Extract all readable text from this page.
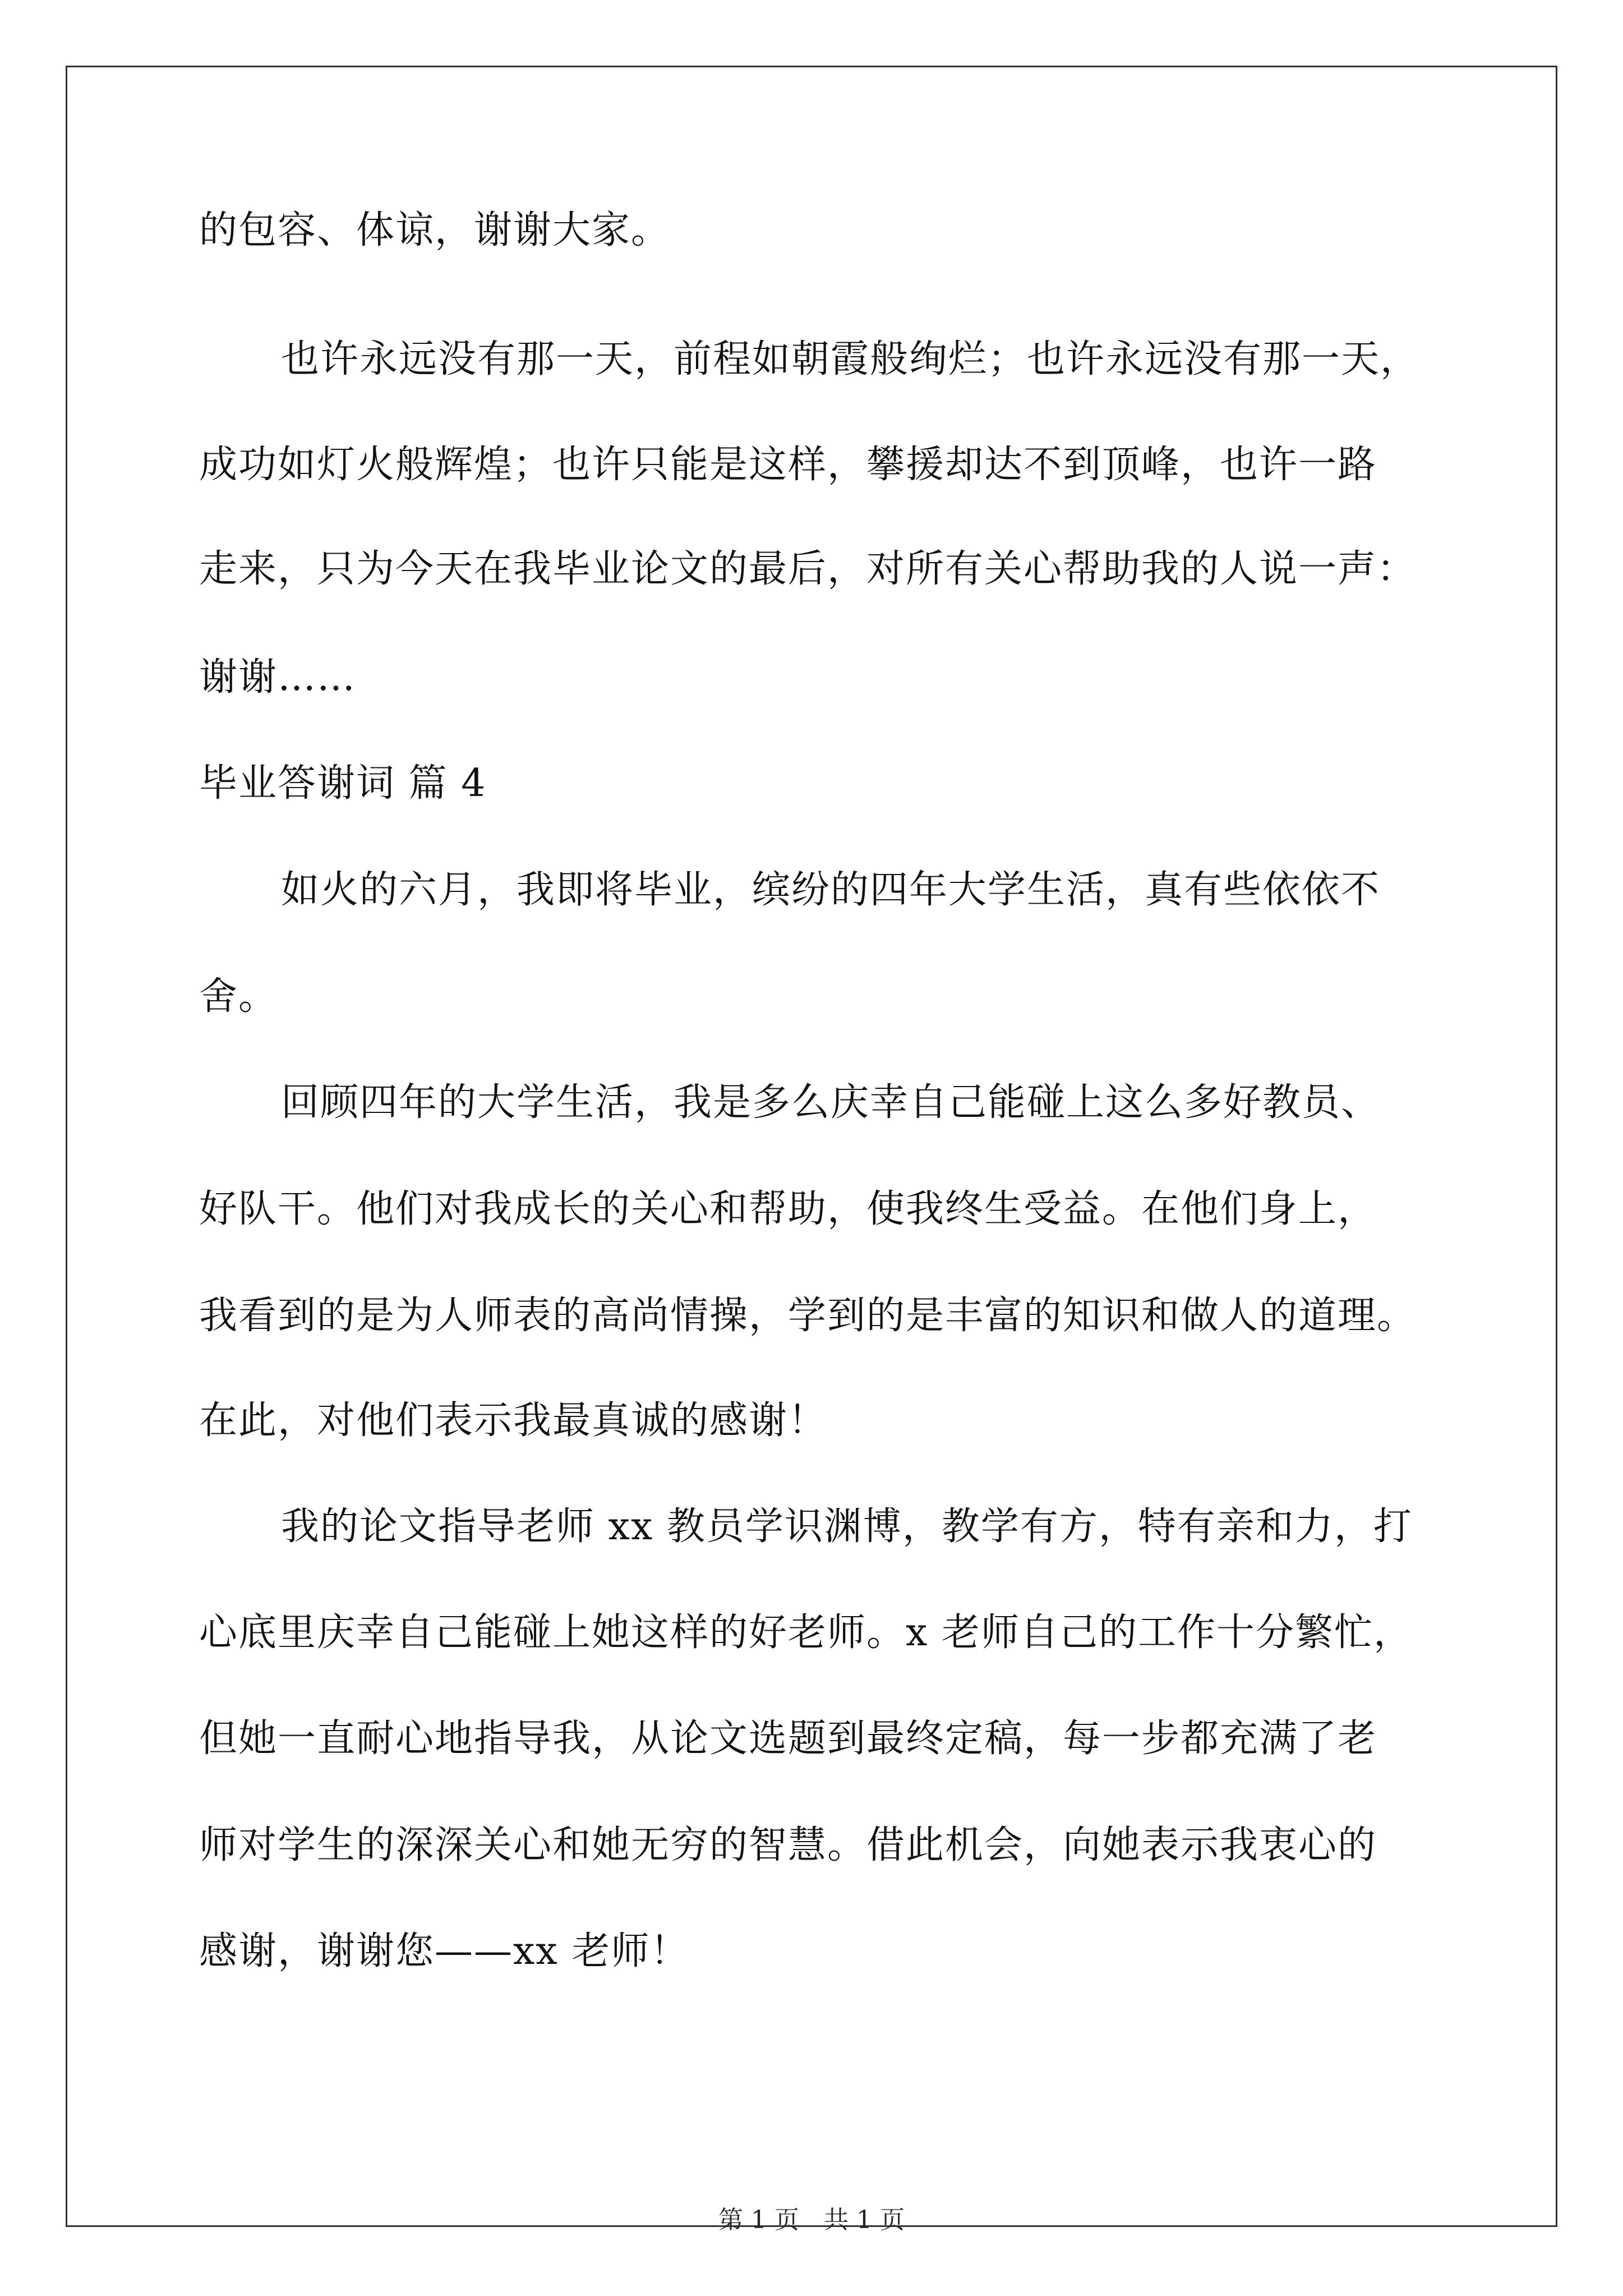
的包容、体谅，谢谢大家。
也许永远没有那一天，前程如朝霞般绚烂；也许永远没有那一天，
成功如灯火般辉煌；也许只能是这样，攀援却达不到顶峰，也许一路
走来，只为今天在我毕业论文的最后，对所有关心帮助我的人说一声：
谢谢……
毕业答谢词 篇 4
如火的六月，我即将毕业，缤纷的四年大学生活，真有些依依不
舍。
回顾四年的大学生活，我是多么庆幸自己能碰上这么多好教员、
好队干。他们对我成长的关心和帮助，使我终生受益。在他们身上，
我看到的是为人师表的高尚情操，学到的是丰富的知识和做人的道理。
在此，对他们表示我最真诚的感谢！
我的论文指导老师 xx 教员学识渊博，教学有方，特有亲和力，打
心底里庆幸自己能碰上她这样的好老师。x 老师自己的工作十分繁忙，
但她一直耐心地指导我，从论文选题到最终定稿，每一步都充满了老
师对学生的深深关心和她无穷的智慧。借此机会，向她表示我衷心的
感谢，谢谢您——xx 老师！
第 1 页　共 1 页
